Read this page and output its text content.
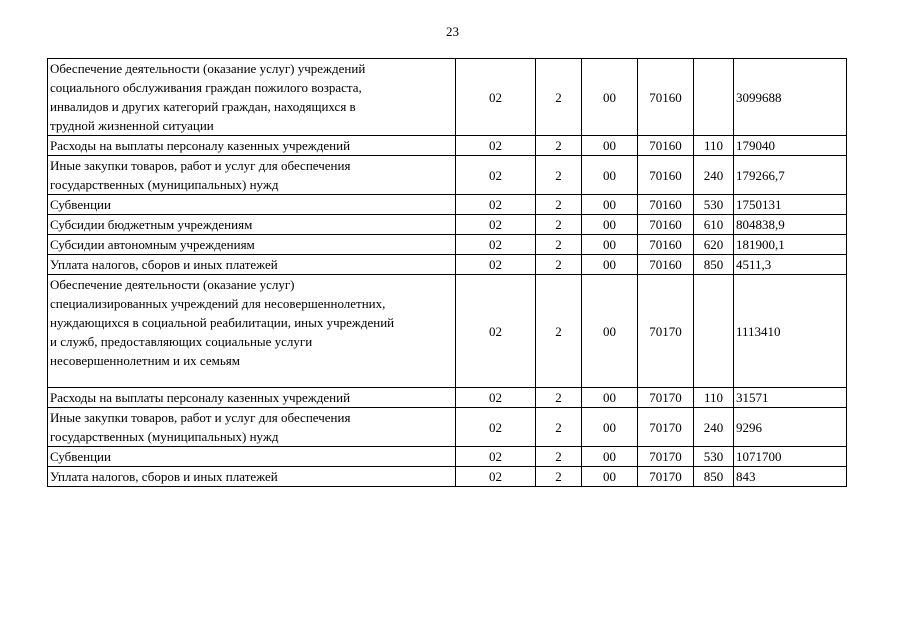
23
Обеспечение деятельности (оказание услуг) учреждений
социального обслуживания граждан пожилого возраста,
инвалидов и других категорий граждан, находящихся в
трудной жизненной ситуации	02	2	00	70160		3099688

Расходы на выплаты персоналу казенных учреждений	02	2	00	70160	110	179040

Иные закупки товаров, работ и услуг для обеспечения
государственных (муниципальных) нужд	02	2	00	70160	240	179266,7

Субвенции	02	2	00	70160	530	1750131

Субсидии бюджетным учреждениям	02	2	00	70160	610	804838,9

Субсидии автономным учреждениям	02	2	00	70160	620	181900,1

Уплата налогов, сборов и иных платежей	02	2	00	70160	850	4511,3

Обеспечение деятельности (оказание услуг)
специализированных учреждений для несовершеннолетних,
нуждающихся в социальной реабилитации, иных учреждений
и служб, предоставляющих социальные услуги
несовершеннолетним и их семьям	02	2	00	70170		1113410

Расходы на выплаты персоналу казенных учреждений	02	2	00	70170	110	31571

Иные закупки товаров, работ и услуг для обеспечения
государственных (муниципальных) нужд	02	2	00	70170	240	9296

Субвенции	02	2	00	70170	530	1071700

Уплата налогов, сборов и иных платежей	02	2	00	70170	850	843
